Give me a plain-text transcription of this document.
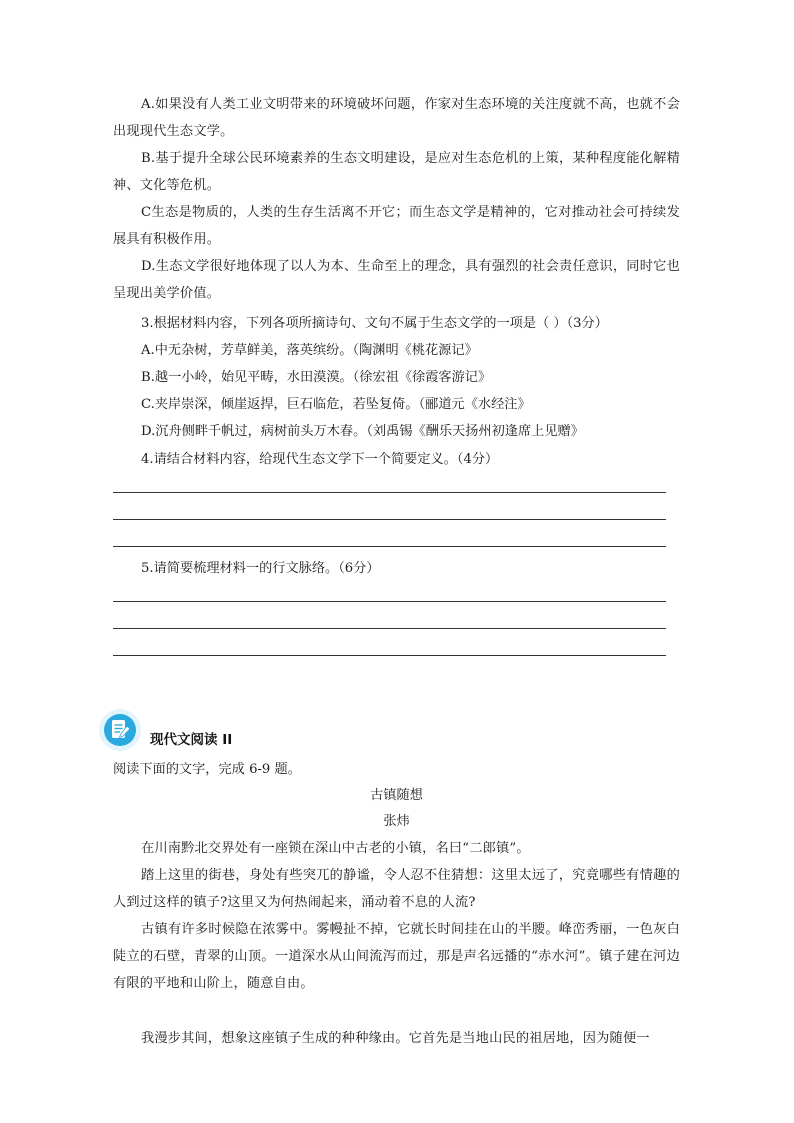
A.如果没有人类工业文明带来的环境破坏问题，作家对生态环境的关注度就不高，也就不会出现现代生态文学。

B.基于提升全球公民环境素养的生态文明建设，是应对生态危机的上策，某种程度能化解精神、文化等危机。

C生态是物质的，人类的生存生活离不开它；而生态文学是精神的，它对推动社会可持续发展具有积极作用。

D.生态文学很好地体现了以人为本、生命至上的理念，具有强烈的社会责任意识，同时它也呈现出美学价值。

3.根据材料内容，下列各项所摘诗句、文句不属于生态文学的一项是（ ）（3分）

A.中无杂树，芳草鲜美，落英缤纷。（陶渊明《桃花源记》

B.越一小岭，始见平畴，水田漠漠。（徐宏祖《徐霞客游记》

C.夹岸崇深，倾崖返捍，巨石临危，若坠复倚。（郦道元《水经注》

D.沉舟侧畔千帆过，病树前头万木春。（刘禹锡《酬乐天扬州初逢席上见赠》

4.请结合材料内容，给现代生态文学下一个简要定义。（4分）

5.请简要梳理材料一的行文脉络。（6分）

现代文阅读 II

阅读下面的文字，完成 6-9 题。

古镇随想

张炜

在川南黔北交界处有一座锁在深山中古老的小镇，名曰“二郎镇”。

踏上这里的街巷，身处有些突兀的静谧，令人忍不住猜想：这里太远了，究竟哪些有情趣的人到过这样的镇子?这里又为何热闹起来，涌动着不息的人流?

古镇有许多时候隐在浓雾中。雾幔扯不掉，它就长时间挂在山的半腰。峰峦秀丽，一色灰白陡立的石壁，青翠的山顶。一道深水从山间流泻而过，那是声名远播的“赤水河”。镇子建在河边有限的平地和山阶上，随意自由。

我漫步其间，想象这座镇子生成的种种缘由。它首先是当地山民的祖居地，因为随便一
